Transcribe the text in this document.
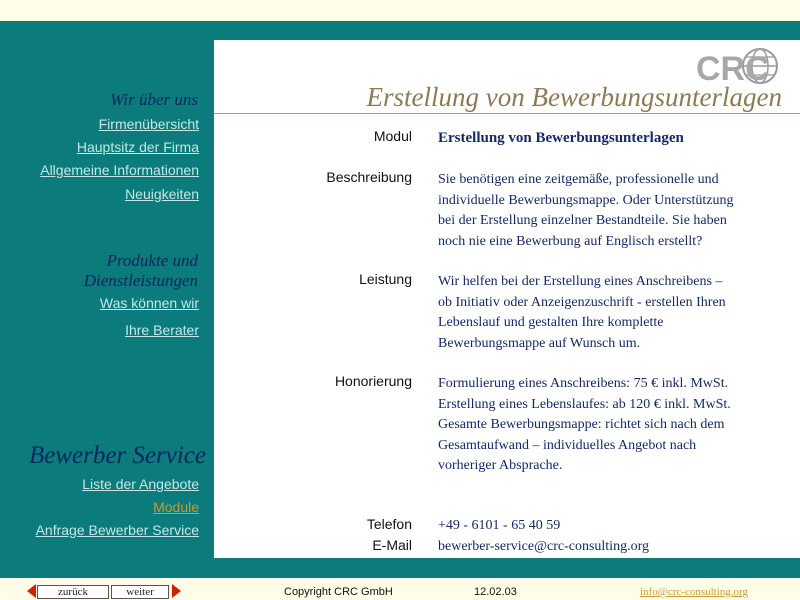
CRC
Erstellung von Bewerbungsunterlagen
Wir über uns
Firmenübersicht
Hauptsitz der Firma
Allgemeine Informationen
Neuigkeiten
Produkte und
Dienstleistungen
Was können wir
Ihre Berater
Bewerber Service
Liste der Angebote
Module
Anfrage Bewerber Service
Modul Erstellung von Bewerbungsunterlagen
Beschreibung Sie benötigen eine zeitgemäße, professionelle und
individuelle Bewerbungsmappe. Oder Unterstützung
bei der Erstellung einzelner Bestandteile. Sie haben
noch nie eine Bewerbung auf Englisch erstellt?
Leistung Wir helfen bei der Erstellung eines Anschreibens –
ob Initiativ oder Anzeigenzuschrift - erstellen Ihren
Lebenslauf und gestalten Ihre komplette
Bewerbungsmappe auf Wunsch um.
Honorierung Formulierung eines Anschreibens: 75 € inkl. MwSt.
Erstellung eines Lebenslaufes: ab 120 € inkl. MwSt.
Gesamte Bewerbungsmappe: richtet sich nach dem
Gesamtaufwand – individuelles Angebot nach
vorheriger Absprache.
Telefon +49 - 6101 - 65 40 59
E-Mail bewerber-service@crc-consulting.org
zurück	weiter	Copyright CRC GmbH	12.02.03	info@crc-consulting.org
